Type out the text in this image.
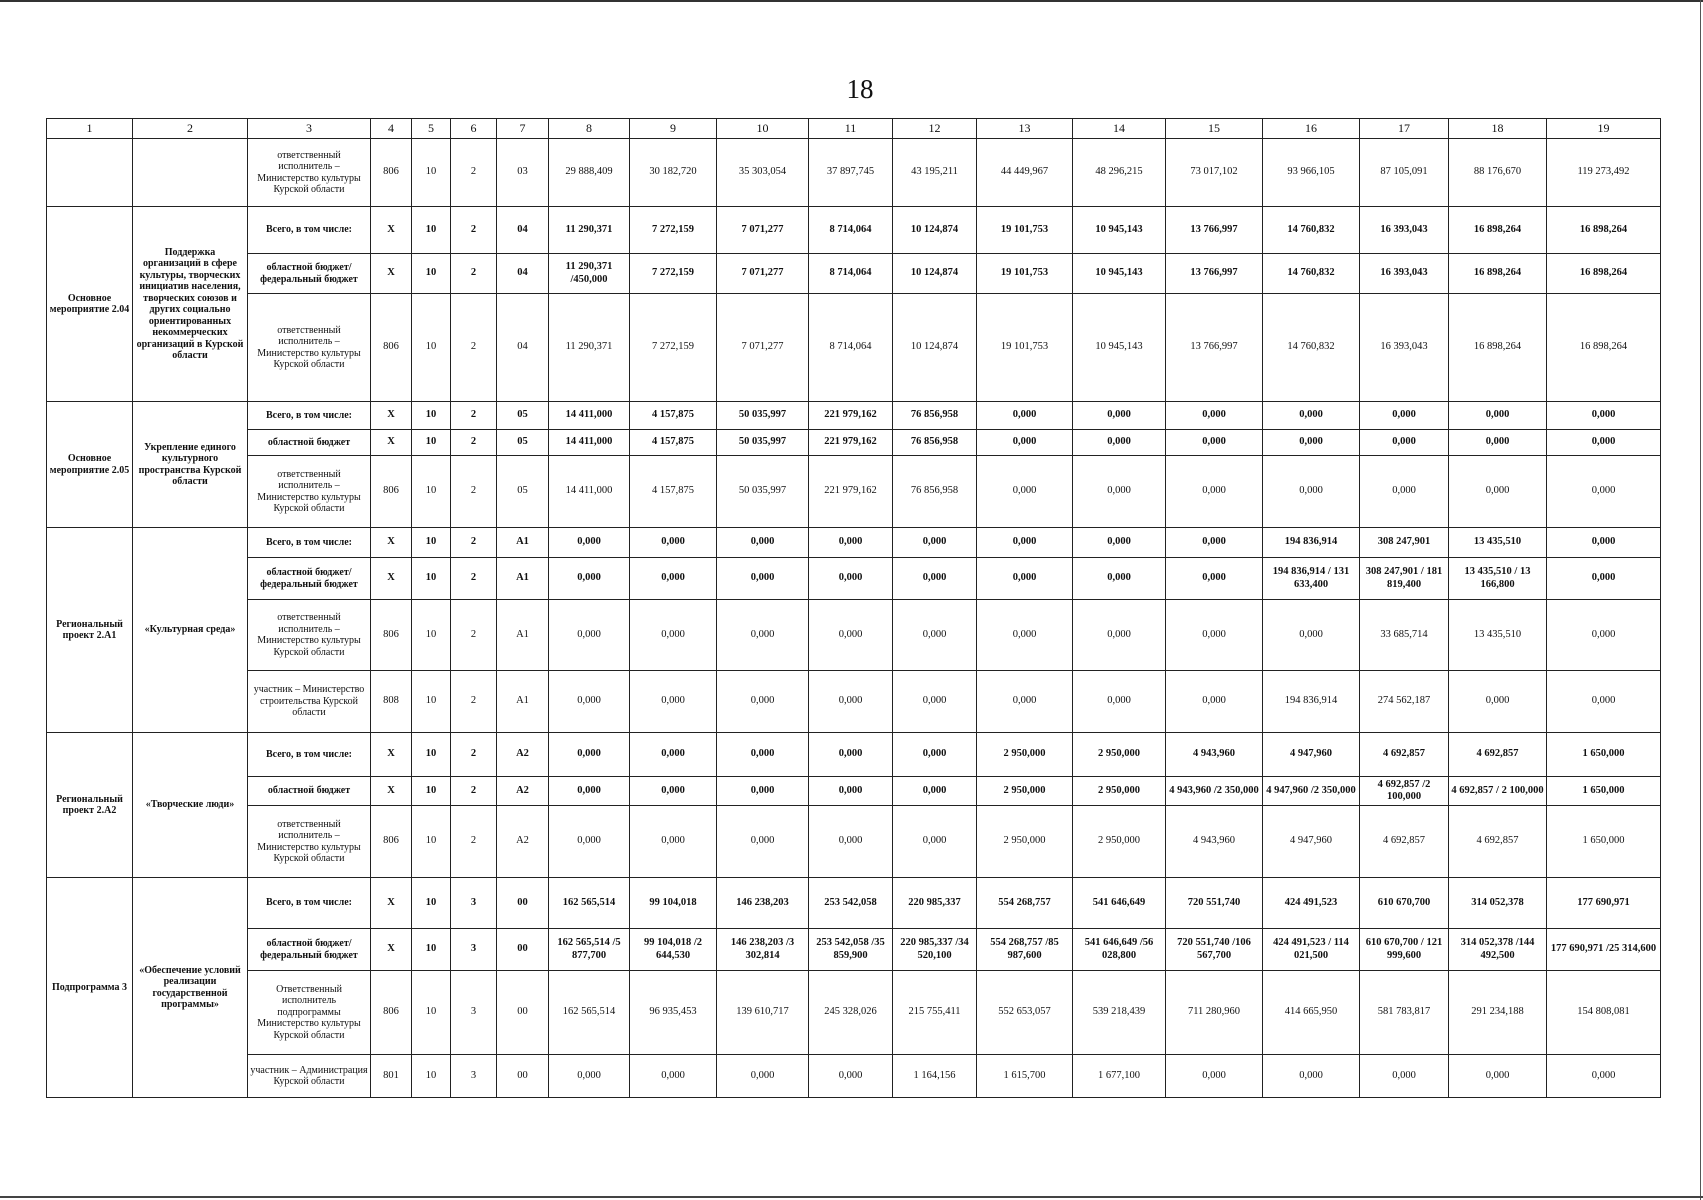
18
1	2	3	4	5	6	7	8	9	10	11	12	13	14	15	16	17	18	19
		ответственный исполнитель – Министерство культуры Курской области	806	10	2	03	29 888,409	30 182,720	35 303,054	37 897,745	43 195,211	44 449,967	48 296,215	73 017,102	93 966,105	87 105,091	88 176,670	119 273,492
Основное мероприятие 2.04	Поддержка организаций в сфере культуры, творческих инициатив населения, творческих союзов и других социально ориентированных некоммерческих организаций в Курской области	Всего, в том числе:	X	10	2	04	11 290,371	7 272,159	7 071,277	8 714,064	10 124,874	19 101,753	10 945,143	13 766,997	14 760,832	16 393,043	16 898,264	16 898,264
		областной бюджет/ федеральный бюджет	X	10	2	04	11 290,371 /450,000	7 272,159	7 071,277	8 714,064	10 124,874	19 101,753	10 945,143	13 766,997	14 760,832	16 393,043	16 898,264	16 898,264
		ответственный исполнитель – Министерство культуры Курской области	806	10	2	04	11 290,371	7 272,159	7 071,277	8 714,064	10 124,874	19 101,753	10 945,143	13 766,997	14 760,832	16 393,043	16 898,264	16 898,264
Основное мероприятие 2.05	Укрепление единого культурного пространства Курской области	Всего, в том числе:	X	10	2	05	14 411,000	4 157,875	50 035,997	221 979,162	76 856,958	0,000	0,000	0,000	0,000	0,000	0,000	0,000
		областной бюджет	X	10	2	05	14 411,000	4 157,875	50 035,997	221 979,162	76 856,958	0,000	0,000	0,000	0,000	0,000	0,000	0,000
		ответственный исполнитель – Министерство культуры Курской области	806	10	2	05	14 411,000	4 157,875	50 035,997	221 979,162	76 856,958	0,000	0,000	0,000	0,000	0,000	0,000	0,000
Региональный проект 2.A1	«Культурная среда»	Всего, в том числе:	X	10	2	A1	0,000	0,000	0,000	0,000	0,000	0,000	0,000	0,000	194 836,914	308 247,901	13 435,510	0,000
		областной бюджет/ федеральный бюджет	X	10	2	A1	0,000	0,000	0,000	0,000	0,000	0,000	0,000	0,000	194 836,914 / 131 633,400	308 247,901 / 181 819,400	13 435,510 / 13 166,800	0,000
		ответственный исполнитель – Министерство культуры Курской области	806	10	2	A1	0,000	0,000	0,000	0,000	0,000	0,000	0,000	0,000	0,000	33 685,714	13 435,510	0,000
		участник – Министерство строительства Курской области	808	10	2	A1	0,000	0,000	0,000	0,000	0,000	0,000	0,000	0,000	194 836,914	274 562,187	0,000	0,000
Региональный проект 2.A2	«Творческие люди»	Всего, в том числе:	X	10	2	A2	0,000	0,000	0,000	0,000	0,000	2 950,000	2 950,000	4 943,960	4 947,960	4 692,857	4 692,857	1 650,000
		областной бюджет	X	10	2	A2	0,000	0,000	0,000	0,000	0,000	2 950,000	2 950,000	4 943,960 /2 350,000	4 947,960 /2 350,000	4 692,857 /2 100,000	4 692,857 / 2 100,000	1 650,000
		ответственный исполнитель – Министерство культуры Курской области	806	10	2	A2	0,000	0,000	0,000	0,000	0,000	2 950,000	2 950,000	4 943,960	4 947,960	4 692,857	4 692,857	1 650,000
Подпрограмма 3	«Обеспечение условий реализации государственной программы»	Всего, в том числе:	X	10	3	00	162 565,514	99 104,018	146 238,203	253 542,058	220 985,337	554 268,757	541 646,649	720 551,740	424 491,523	610 670,700	314 052,378	177 690,971
		областной бюджет/ федеральный бюджет	X	10	3	00	162 565,514 /5 877,700	99 104,018 /2 644,530	146 238,203 /3 302,814	253 542,058 /35 859,900	220 985,337 /34 520,100	554 268,757 /85 987,600	541 646,649 /56 028,800	720 551,740 /106 567,700	424 491,523 / 114 021,500	610 670,700 / 121 999,600	314 052,378 /144 492,500	177 690,971 /25 314,600
		Ответственный исполнитель подпрограммы Министерство культуры Курской области	806	10	3	00	162 565,514	96 935,453	139 610,717	245 328,026	215 755,411	552 653,057	539 218,439	711 280,960	414 665,950	581 783,817	291 234,188	154 808,081
		участник – Администрация Курской области	801	10	3	00	0,000	0,000	0,000	0,000	1 164,156	1 615,700	1 677,100	0,000	0,000	0,000	0,000	0,000
